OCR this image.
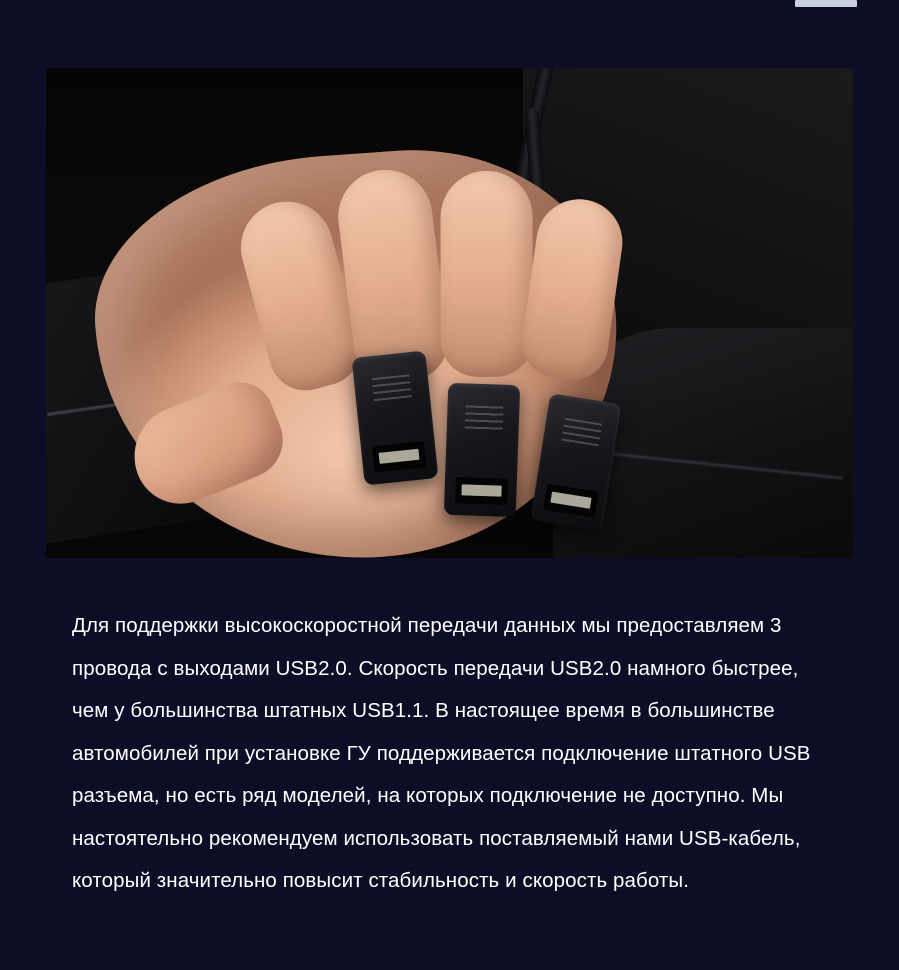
Для поддержки высокоскоростной передачи данных мы предоставляем 3 провода с выходами USB2.0. Скорость передачи USB2.0 намного быстрее, чем у большинства штатных USB1.1. В настоящее время в большинстве автомобилей при установке ГУ поддерживается подключение штатного USB разъема, но есть ряд моделей, на которых подключение не доступно. Мы настоятельно рекомендуем использовать поставляемый нами USB-кабель, который значительно повысит стабильность и скорость работы.
